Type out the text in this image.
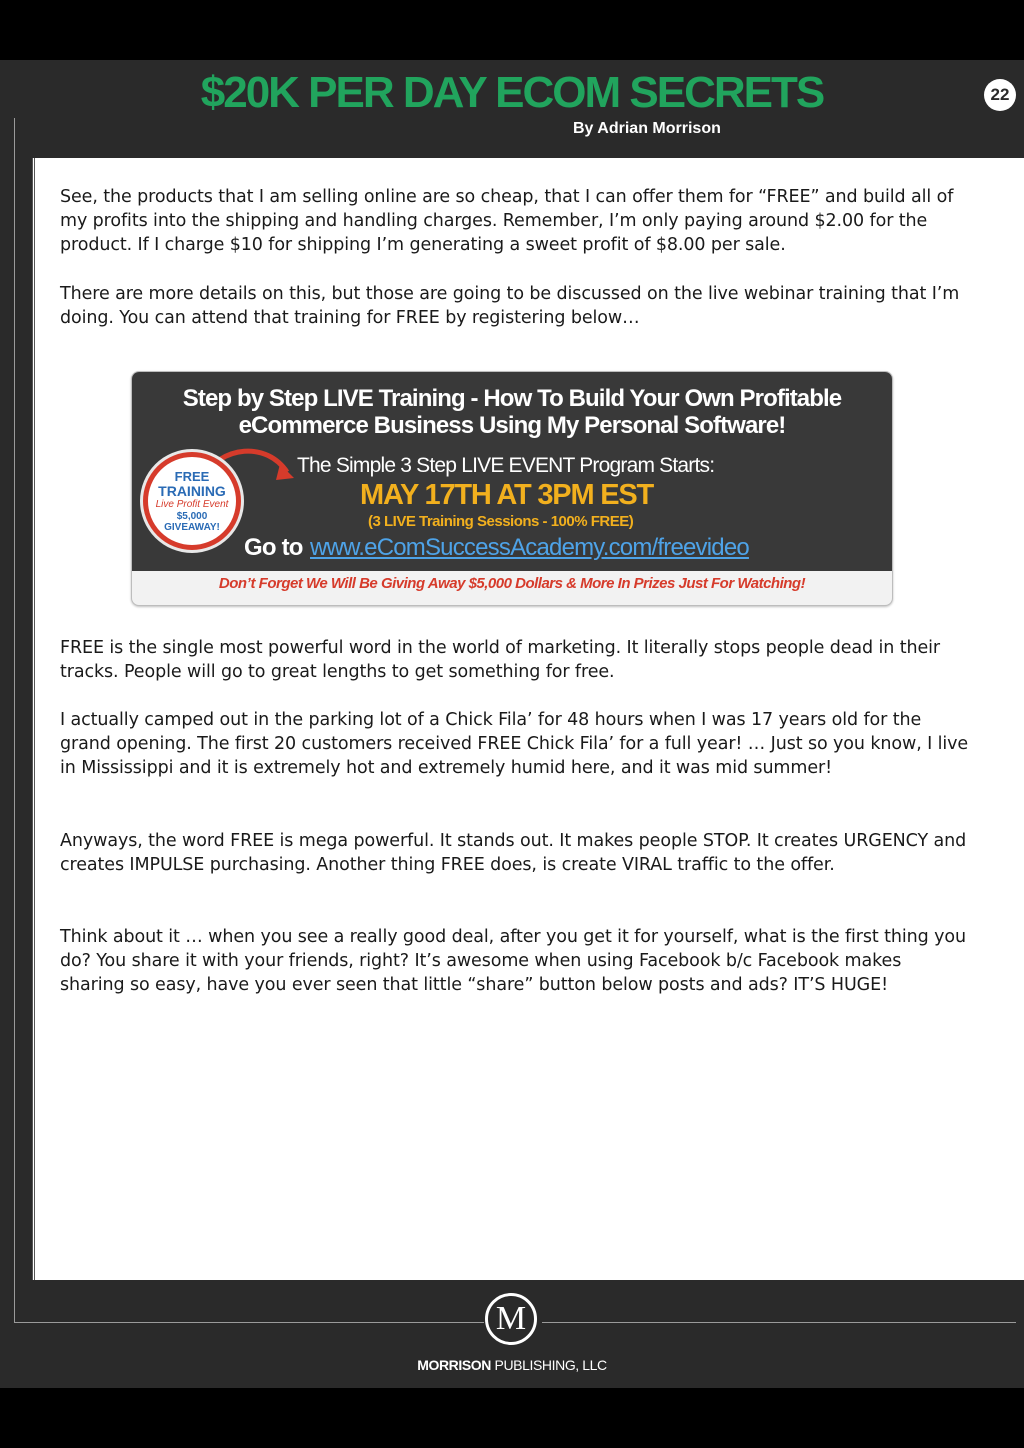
$20K PER DAY ECOM SECRETS
By Adrian Morrison
22

See, the products that I am selling online are so cheap, that I can offer them for “FREE” and build all of my profits into the shipping and handling charges. Remember, I’m only paying around $2.00 for the product. If I charge $10 for shipping I’m generating a sweet profit of $8.00 per sale.

There are more details on this, but those are going to be discussed on the live webinar training that I’m doing. You can attend that training for FREE by registering below…

Step by Step LIVE Training - How To Build Your Own Profitable
eCommerce Business Using My Personal Software!
FREE
TRAINING
Live Profit Event
$5,000
GIVEAWAY!
The Simple 3 Step LIVE EVENT Program Starts:
MAY 17TH AT 3PM EST
(3 LIVE Training Sessions - 100% FREE)
Go to www.eComSuccessAcademy.com/freevideo
Don’t Forget We Will Be Giving Away $5,000 Dollars & More In Prizes Just For Watching!

FREE is the single most powerful word in the world of marketing. It literally stops people dead in their tracks. People will go to great lengths to get something for free.

I actually camped out in the parking lot of a Chick Fila’ for 48 hours when I was 17 years old for the grand opening. The first 20 customers received FREE Chick Fila’ for a full year! … Just so you know, I live in Mississippi and it is extremely hot and extremely humid here, and it was mid summer!

Anyways, the word FREE is mega powerful. It stands out. It makes people STOP. It creates URGENCY and creates IMPULSE purchasing. Another thing FREE does, is create VIRAL traffic to the offer.

Think about it … when you see a really good deal, after you get it for yourself, what is the first thing you do? You share it with your friends, right? It’s awesome when using Facebook b/c Facebook makes sharing so easy, have you ever seen that little “share” button below posts and ads? IT’S HUGE!

M
MORRISON PUBLISHING, LLC
